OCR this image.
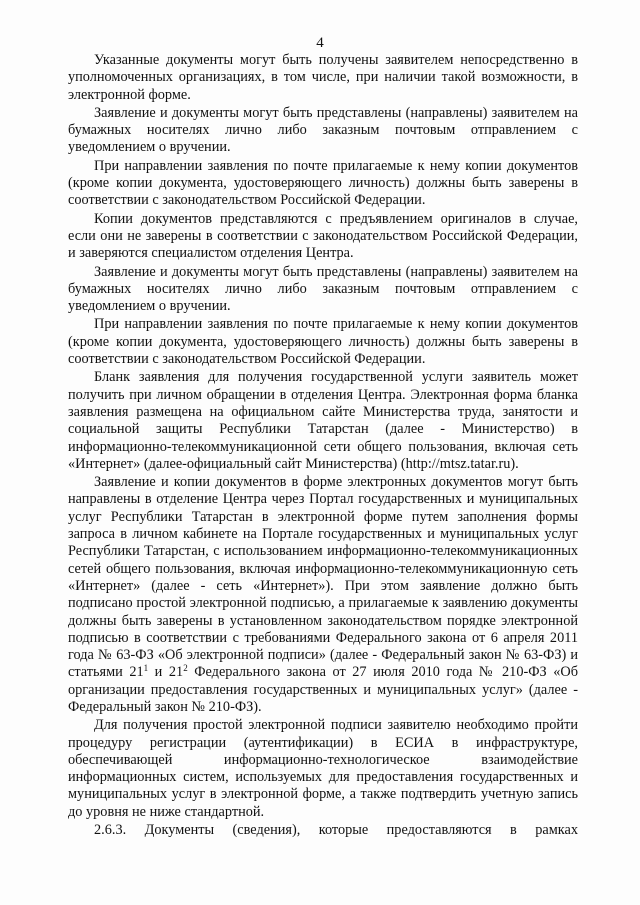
4

Указанные документы могут быть получены заявителем непосредственно в уполномоченных организациях, в том числе, при наличии такой возможности, в электронной форме.

Заявление и документы могут быть представлены (направлены) заявителем на бумажных носителях лично либо заказным почтовым отправлением с уведомлением о вручении.

При направлении заявления по почте прилагаемые к нему копии документов (кроме копии документа, удостоверяющего личность) должны быть заверены в соответствии с законодательством Российской Федерации.

Копии документов представляются с предъявлением оригиналов в случае, если они не заверены в соответствии с законодательством Российской Федерации, и заверяются специалистом отделения Центра.

Заявление и документы могут быть представлены (направлены) заявителем на бумажных носителях лично либо заказным почтовым отправлением с уведомлением о вручении.

При направлении заявления по почте прилагаемые к нему копии документов (кроме копии документа, удостоверяющего личность) должны быть заверены в соответствии с законодательством Российской Федерации.

Бланк заявления для получения государственной услуги заявитель может получить при личном обращении в отделения Центра. Электронная форма бланка заявления размещена на официальном сайте Министерства труда, занятости и социальной защиты Республики Татарстан (далее - Министерство) в информационно-телекоммуникационной сети общего пользования, включая сеть «Интернет» (далее-официальный сайт Министерства) (http://mtsz.tatar.ru).

Заявление и копии документов в форме электронных документов могут быть направлены в отделение Центра через Портал государственных и муниципальных услуг Республики Татарстан в электронной форме путем заполнения формы запроса в личном кабинете на Портале государственных и муниципальных услуг Республики Татарстан, с использованием информационно-телекоммуникационных сетей общего пользования, включая информационно-телекоммуникационную сеть «Интернет» (далее - сеть «Интернет»). При этом заявление должно быть подписано простой электронной подписью, а прилагаемые к заявлению документы должны быть заверены в установленном законодательством порядке электронной подписью в соответствии с требованиями Федерального закона от 6 апреля 2011 года № 63-ФЗ «Об электронной подписи» (далее - Федеральный закон № 63-ФЗ) и статьями $21^1$ и $21^2$ Федерального закона от 27 июля 2010 года № 210-ФЗ «Об организации предоставления государственных и муниципальных услуг» (далее - Федеральный закон № 210-ФЗ).

Для получения простой электронной подписи заявителю необходимо пройти процедуру регистрации (аутентификации) в ЕСИА в инфраструктуре, обеспечивающей информационно-технологическое взаимодействие информационных систем, используемых для предоставления государственных и муниципальных услуг в электронной форме, а также подтвердить учетную запись до уровня не ниже стандартной.

2.6.3. Документы (сведения), которые предоставляются в рамках
